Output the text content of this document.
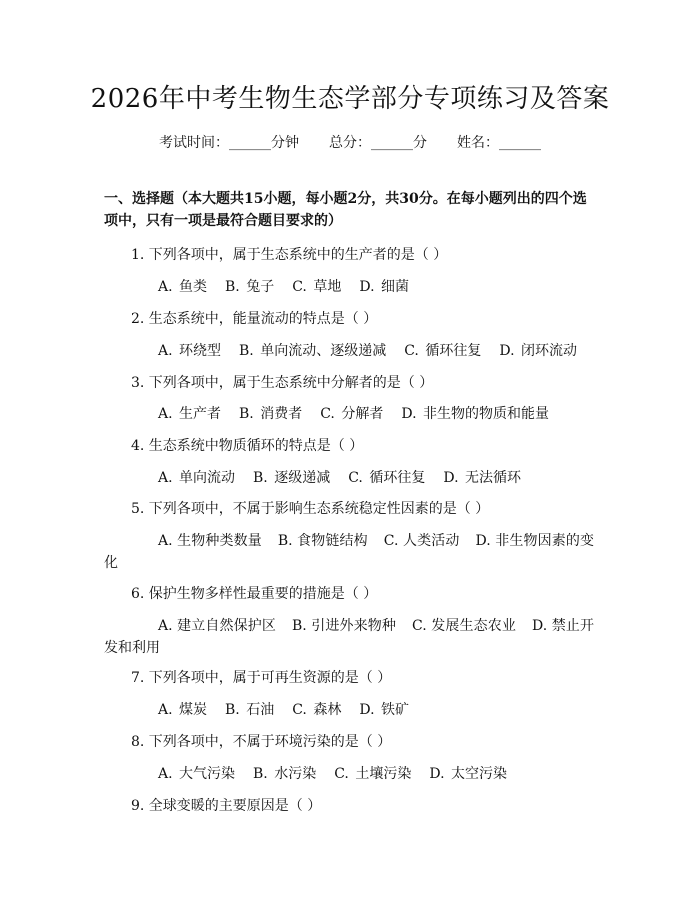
2026年中考生物生态学部分专项练习及答案
考试时间：______分钟 总分：______分 姓名：______
一、选择题（本大题共15小题，每小题2分，共30分。在每小题列出的四个选项中，只有一项是最符合题目要求的）
1. 下列各项中，属于生态系统中的生产者的是（ ）
A. 鱼类 B. 兔子 C. 草地 D. 细菌
2. 生态系统中，能量流动的特点是（ ）
A. 环绕型 B. 单向流动、逐级递减 C. 循环往复 D. 闭环流动
3. 下列各项中，属于生态系统中分解者的是（ ）
A. 生产者 B. 消费者 C. 分解者 D. 非生物的物质和能量
4. 生态系统中物质循环的特点是（ ）
A. 单向流动 B. 逐级递减 C. 循环往复 D. 无法循环
5. 下列各项中，不属于影响生态系统稳定性因素的是（ ）
A. 生物种类数量 B. 食物链结构 C. 人类活动 D. 非生物因素的变化
6. 保护生物多样性最重要的措施是（ ）
A. 建立自然保护区 B. 引进外来物种 C. 发展生态农业 D. 禁止开发和利用
7. 下列各项中，属于可再生资源的是（ ）
A. 煤炭 B. 石油 C. 森林 D. 铁矿
8. 下列各项中，不属于环境污染的是（ ）
A. 大气污染 B. 水污染 C. 土壤污染 D. 太空污染
9. 全球变暖的主要原因是（ ）
